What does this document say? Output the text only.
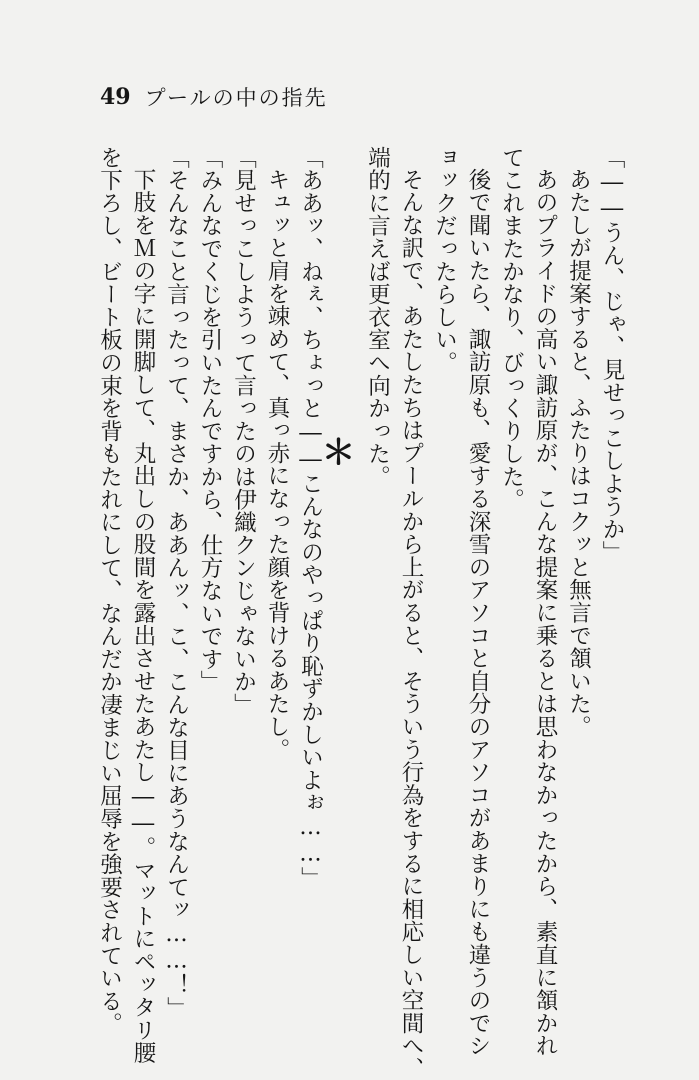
49 プールの中の指先
「――うん、じゃ、見せっこしようか」
あたしが提案すると、ふたりはコクッと無言で頷いた。
あのプライドの高い諏訪原が、こんな提案に乗るとは思わなかったから、素直に頷かれ
てこれまたかなり、びっくりした。
後で聞いたら、諏訪原も、愛する深雪のアソコと自分のアソコがあまりにも違うのでシ
ョックだったらしい。
そんな訳で、あたしたちはプールから上がると、そういう行為をするに相応しい空間へ、
端的に言えば更衣室へ向かった。
＊
「ああッ、ねぇ、ちょっと――こんなのやっぱり恥ずかしいよぉ……」
キュッと肩を竦めて、真っ赤になった顔を背けるあたし。
「見せっこしようって言ったのは伊織クンじゃないか」
「みんなでくじを引いたんですから、仕方ないです」
「そんなこと言ったって、まさか、ああんッ、こ、こんな目にあうなんてッ……！」
下肢をＭの字に開脚して、丸出しの股間を露出させたあたし――。マットにペッタリ腰
を下ろし、ビート板の束を背もたれにして、なんだか凄まじい屈辱を強要されている。
